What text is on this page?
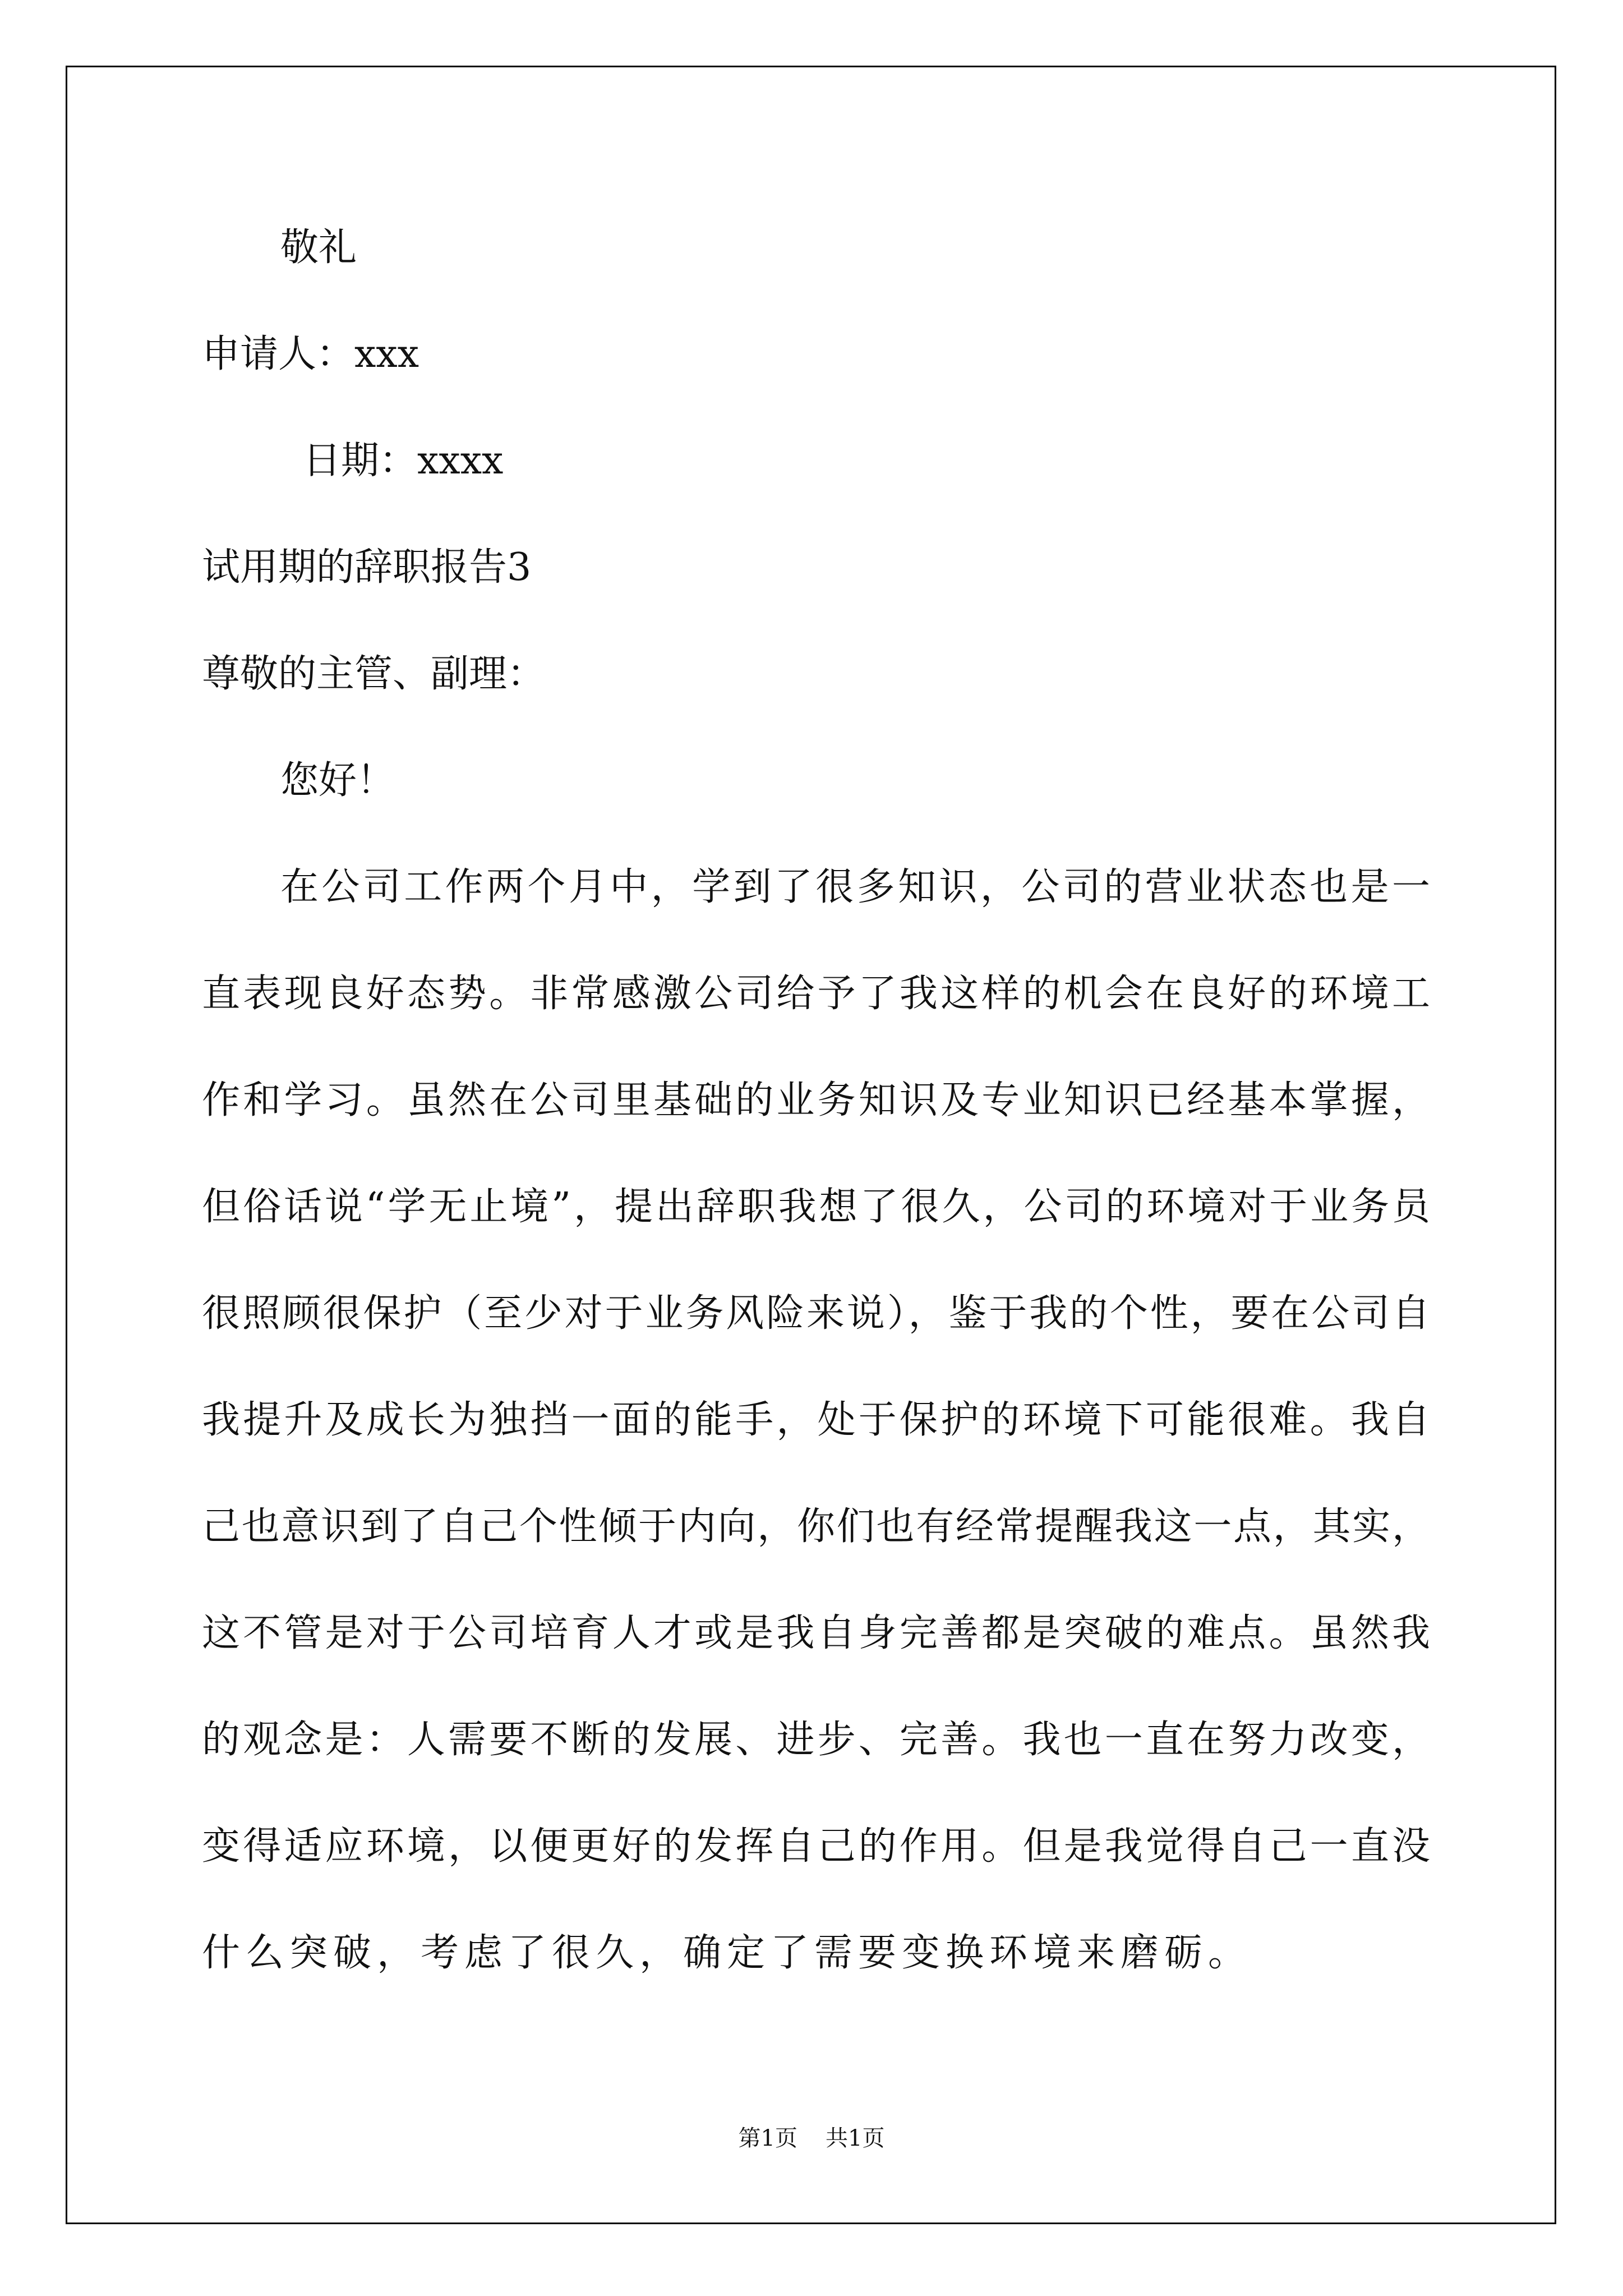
敬礼

申请人：xxx

日期：xxxx

试用期的辞职报告3

尊敬的主管、副理：

您好！

在公司工作两个月中，学到了很多知识，公司的营业状态也是一

直表现良好态势。非常感激公司给予了我这样的机会在良好的环境工

作和学习。虽然在公司里基础的业务知识及专业知识已经基本掌握，

但俗话说“学无止境”，提出辞职我想了很久，公司的环境对于业务员

很照顾很保护（至少对于业务风险来说），鉴于我的个性，要在公司自

我提升及成长为独挡一面的能手，处于保护的环境下可能很难。我自

己也意识到了自己个性倾于内向，你们也有经常提醒我这一点，其实，

这不管是对于公司培育人才或是我自身完善都是突破的难点。虽然我

的观念是：人需要不断的发展、进步、完善。我也一直在努力改变，

变得适应环境，以便更好的发挥自己的作用。但是我觉得自己一直没

什么突破，考虑了很久，确定了需要变换环境来磨砺。

第1页 共1页
